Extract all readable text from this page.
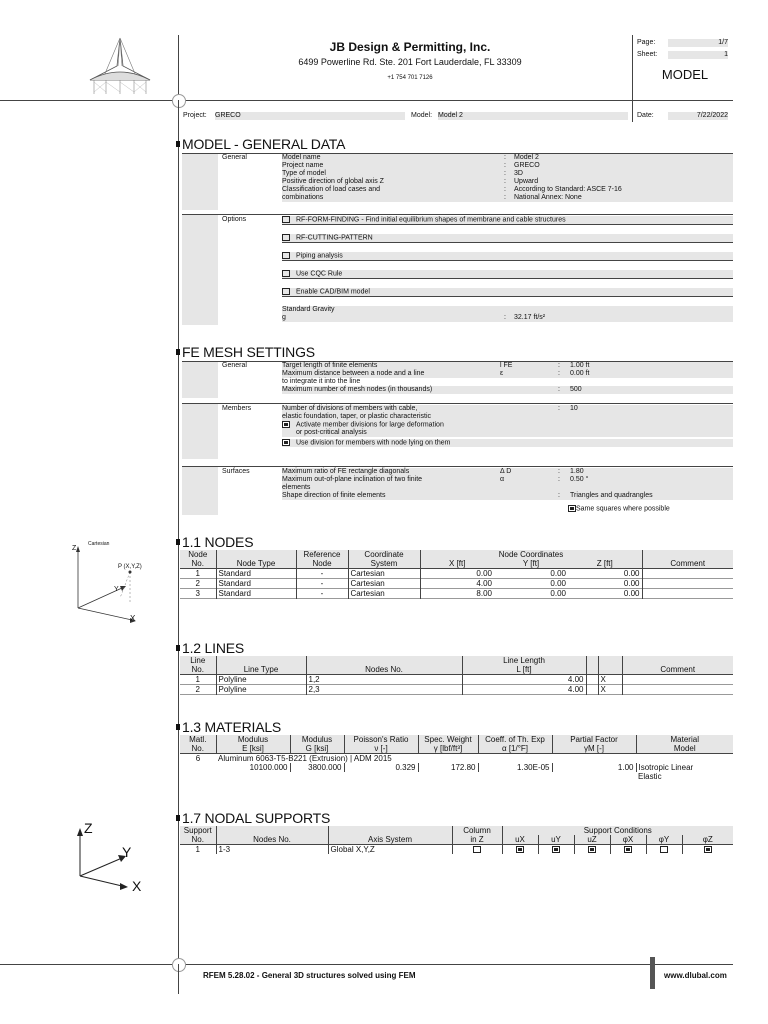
JB Design & Permitting, Inc.
6499 Powerline Rd. Ste. 201 Fort Lauderdale, FL 33309
+1 754 701 7126
Page:	1/7
Sheet:	1
MODEL
Project: GRECO	Model: Model 2	Date:	7/22/2022
MODEL - GENERAL DATA
General	Model name	: Model 2
Project name	: GRECO
Type of model	: 3D
Positive direction of global axis Z	: Upward
Classification of load cases and	: According to Standard: ASCE 7-16
combinations	: National Annex: None
Options	RF-FORM-FINDING - Find initial equilibrium shapes of membrane and cable structures
RF-CUTTING-PATTERN
Piping analysis
Use CQC Rule
Enable CAD/BIM model
Standard Gravity
g	: 32.17 ft/s²
FE MESH SETTINGS
General	Target length of finite elements	l FE	: 1.00 ft
Maximum distance between a node and a line	ε	: 0.00 ft
to integrate it into the line
Maximum number of mesh nodes (in thousands)	: 500
Members	Number of divisions of members with cable,	: 10
elastic foundation, taper, or plastic characteristic
Activate member divisions for large deformation
or post-critical analysis
Use division for members with node lying on them
Surfaces	Maximum ratio of FE rectangle diagonals	Δ D	: 1.80
Maximum out-of-plane inclination of two finite	α	: 0.50 °
elements
Shape direction of finite elements	: Triangles and quadrangles
Same squares where possible
Cartesian
Z
P (X,Y,Z)
Y
X
1.1 NODES
Node		Reference	Coordinate	Node Coordinates			
No.	Node Type	Node	System	X [ft]	Y [ft]	Z [ft]	Comment
1	Standard	-	Cartesian	0.00	0.00	0.00	
2	Standard	-	Cartesian	4.00	0.00	0.00	
3	Standard	-	Cartesian	8.00	0.00	0.00	
1.2 LINES
Line			Line Length			
No.	Line Type	Nodes No.	L [ft]			Comment
1	Polyline	1,2	4.00		X	
2	Polyline	2,3	4.00		X	
1.3 MATERIALS
Matl.	Modulus	Modulus	Poisson's Ratio	Spec. Weight	Coeff. of Th. Exp	Partial Factor	Material
No.	E [ksi]	G [ksi]	ν [-]	γ [lbf/ft³]	α [1/°F]	γM [-]	Model
6	Aluminum 6063-T5-B221 (Extrusion) | ADM 2015						
	10100.000	3800.000	0.329	172.80	1.30E-05	1.00	Isotropic Linear
							Elastic
Z
Y
X
1.7 NODAL SUPPORTS
Support			Column	Support Conditions					
No.	Nodes No.	Axis System	in Z	uX	uY	uZ	φX	φY	φZ
1	1-3	Global X,Y,Z							
RFEM 5.28.02 - General 3D structures solved using FEM	www.dlubal.com
